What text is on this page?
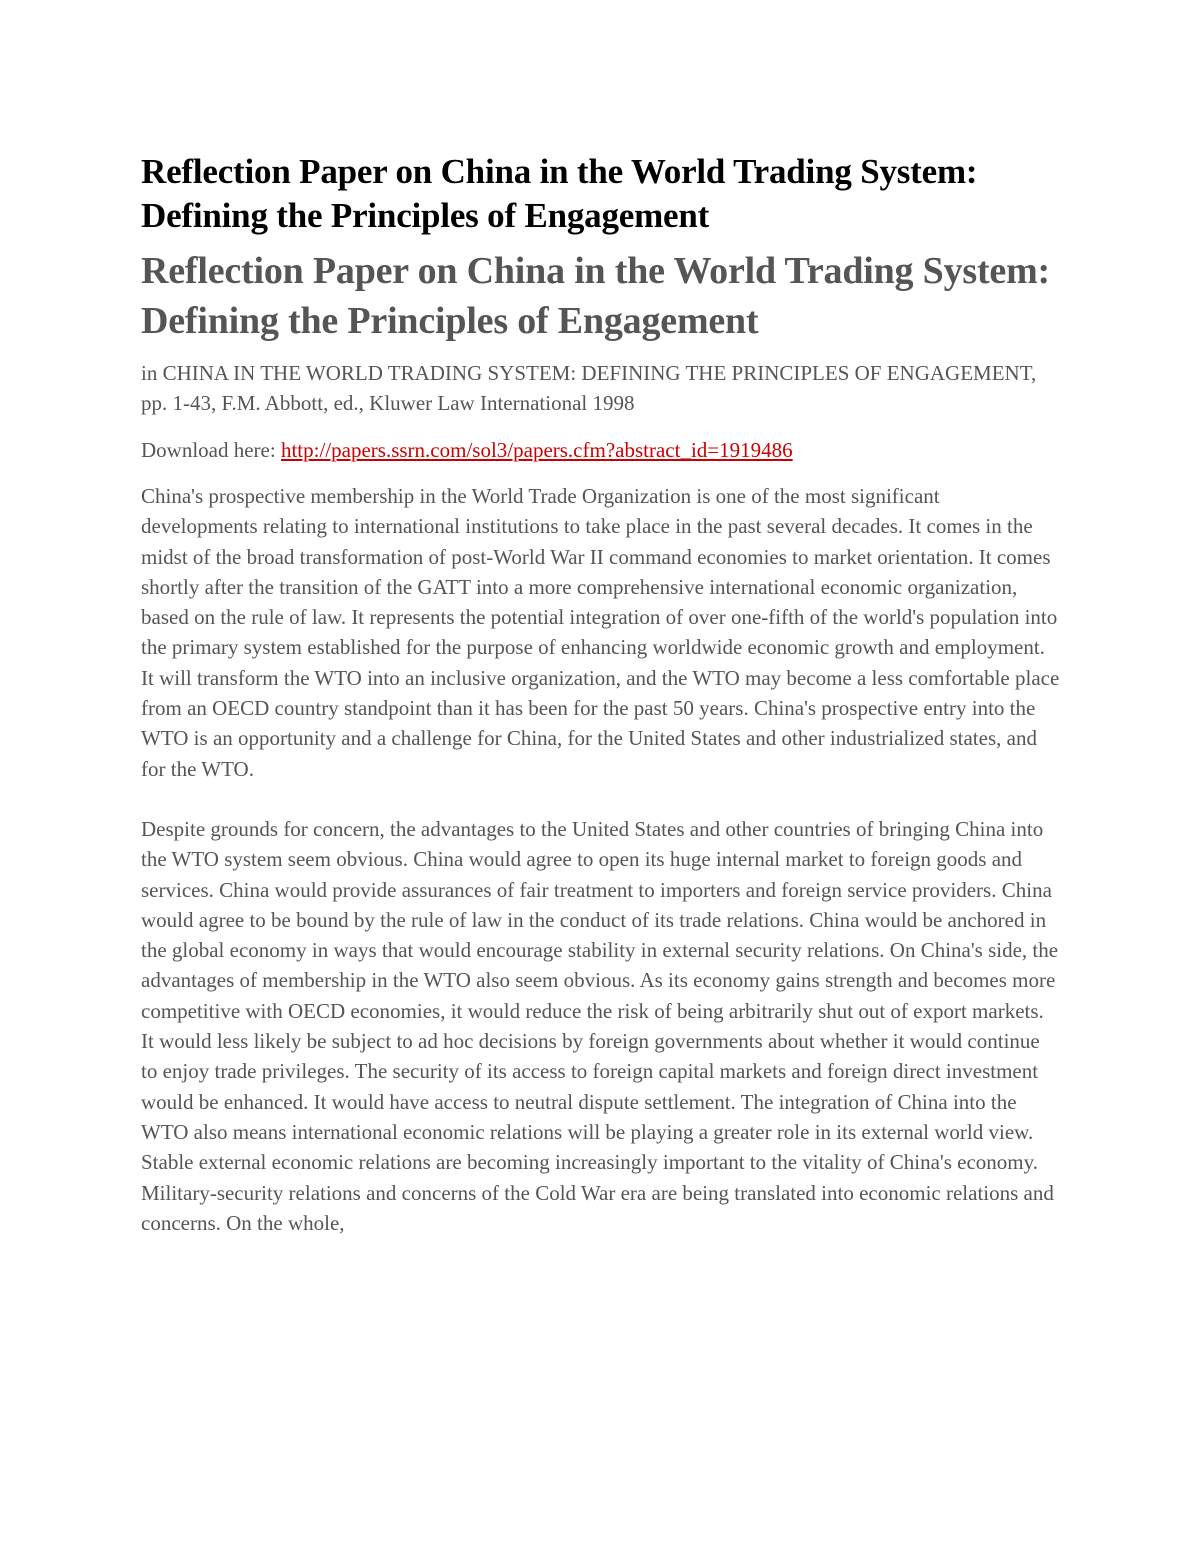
Reflection Paper on China in the World Trading System: Defining the Principles of Engagement
Reflection Paper on China in the World Trading System: Defining the Principles of Engagement

in CHINA IN THE WORLD TRADING SYSTEM: DEFINING THE PRINCIPLES OF ENGAGEMENT, pp. 1-43, F.M. Abbott, ed., Kluwer Law International 1998

Download here: http://papers.ssrn.com/sol3/papers.cfm?abstract_id=1919486

China's prospective membership in the World Trade Organization is one of the most significant developments relating to international institutions to take place in the past several decades. It comes in the midst of the broad transformation of post-World War II command economies to market orientation. It comes shortly after the transition of the GATT into a more comprehensive international economic organization, based on the rule of law. It represents the potential integration of over one-fifth of the world's population into the primary system established for the purpose of enhancing worldwide economic growth and employment. It will transform the WTO into an inclusive organization, and the WTO may become a less comfortable place from an OECD country standpoint than it has been for the past 50 years. China's prospective entry into the WTO is an opportunity and a challenge for China, for the United States and other industrialized states, and for the WTO.

Despite grounds for concern, the advantages to the United States and other countries of bringing China into the WTO system seem obvious. China would agree to open its huge internal market to foreign goods and services. China would provide assurances of fair treatment to importers and foreign service providers. China would agree to be bound by the rule of law in the conduct of its trade relations. China would be anchored in the global economy in ways that would encourage stability in external security relations. On China's side, the advantages of membership in the WTO also seem obvious. As its economy gains strength and becomes more competitive with OECD economies, it would reduce the risk of being arbitrarily shut out of export markets. It would less likely be subject to ad hoc decisions by foreign governments about whether it would continue to enjoy trade privileges. The security of its access to foreign capital markets and foreign direct investment would be enhanced. It would have access to neutral dispute settlement. The integration of China into the WTO also means international economic relations will be playing a greater role in its external world view. Stable external economic relations are becoming increasingly important to the vitality of China's economy. Military-security relations and concerns of the Cold War era are being translated into economic relations and concerns. On the whole,
